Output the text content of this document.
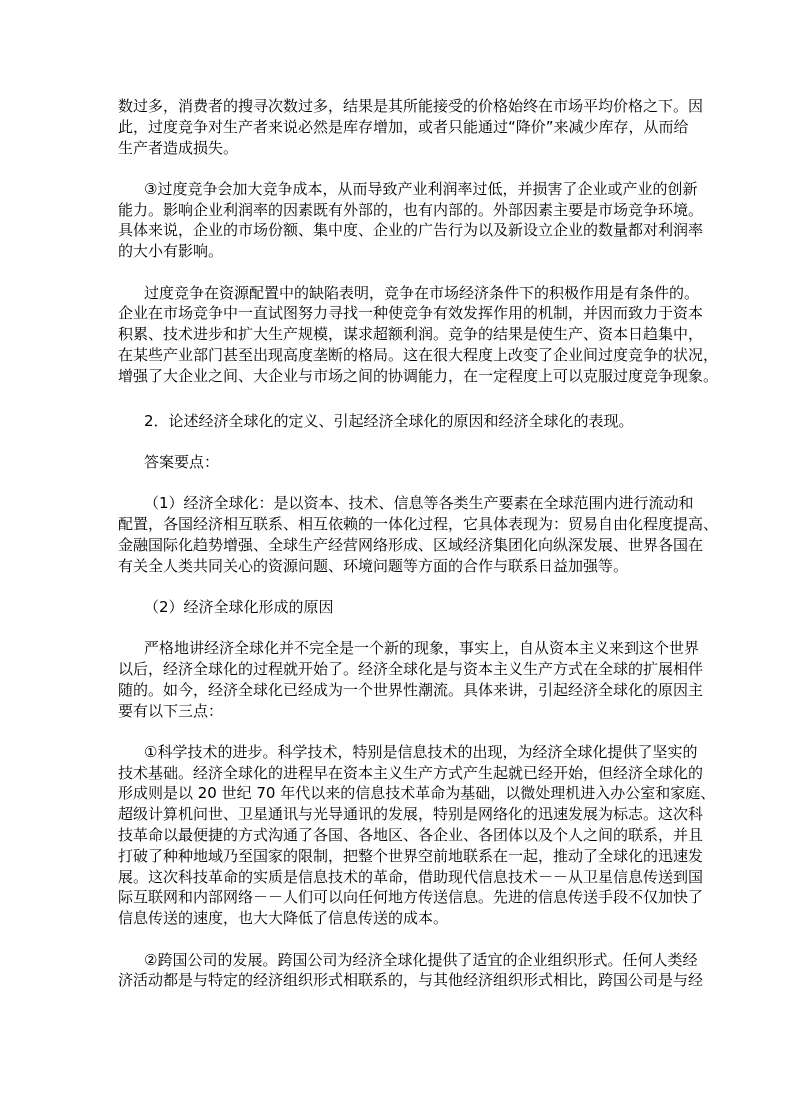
数过多，消费者的搜寻次数过多，结果是其所能接受的价格始终在市场平均价格之下。因
此，过度竞争对生产者来说必然是库存增加，或者只能通过“降价”来减少库存，从而给
生产者造成损失。

③过度竞争会加大竞争成本，从而导致产业利润率过低，并损害了企业或产业的创新
能力。影响企业利润率的因素既有外部的，也有内部的。外部因素主要是市场竞争环境。
具体来说，企业的市场份额、集中度、企业的广告行为以及新设立企业的数量都对利润率
的大小有影响。

过度竞争在资源配置中的缺陷表明，竞争在市场经济条件下的积极作用是有条件的。
企业在市场竞争中一直试图努力寻找一种使竞争有效发挥作用的机制，并因而致力于资本
积累、技术进步和扩大生产规模，谋求超额利润。竞争的结果是使生产、资本日趋集中，
在某些产业部门甚至出现高度垄断的格局。这在很大程度上改变了企业间过度竞争的状况，
增强了大企业之间、大企业与市场之间的协调能力，在一定程度上可以克服过度竞争现象。

2．论述经济全球化的定义、引起经济全球化的原因和经济全球化的表现。

答案要点：

（1）经济全球化：是以资本、技术、信息等各类生产要素在全球范围内进行流动和
配置，各国经济相互联系、相互依赖的一体化过程，它具体表现为：贸易自由化程度提高、
金融国际化趋势增强、全球生产经营网络形成、区域经济集团化向纵深发展、世界各国在
有关全人类共同关心的资源问题、环境问题等方面的合作与联系日益加强等。

（2）经济全球化形成的原因

严格地讲经济全球化并不完全是一个新的现象，事实上，自从资本主义来到这个世界
以后，经济全球化的过程就开始了。经济全球化是与资本主义生产方式在全球的扩展相伴
随的。如今，经济全球化已经成为一个世界性潮流。具体来讲，引起经济全球化的原因主
要有以下三点：

①科学技术的进步。科学技术，特别是信息技术的出现，为经济全球化提供了坚实的
技术基础。经济全球化的进程早在资本主义生产方式产生起就已经开始，但经济全球化的
形成则是以 20 世纪 70 年代以来的信息技术革命为基础，以微处理机进入办公室和家庭、
超级计算机问世、卫星通讯与光导通讯的发展，特别是网络化的迅速发展为标志。这次科
技革命以最便捷的方式沟通了各国、各地区、各企业、各团体以及个人之间的联系，并且
打破了种种地域乃至国家的限制，把整个世界空前地联系在一起，推动了全球化的迅速发
展。这次科技革命的实质是信息技术的革命，借助现代信息技术－－从卫星信息传送到国
际互联网和内部网络－－人们可以向任何地方传送信息。先进的信息传送手段不仅加快了
信息传送的速度，也大大降低了信息传送的成本。

②跨国公司的发展。跨国公司为经济全球化提供了适宜的企业组织形式。任何人类经
济活动都是与特定的经济组织形式相联系的，与其他经济组织形式相比，跨国公司是与经
